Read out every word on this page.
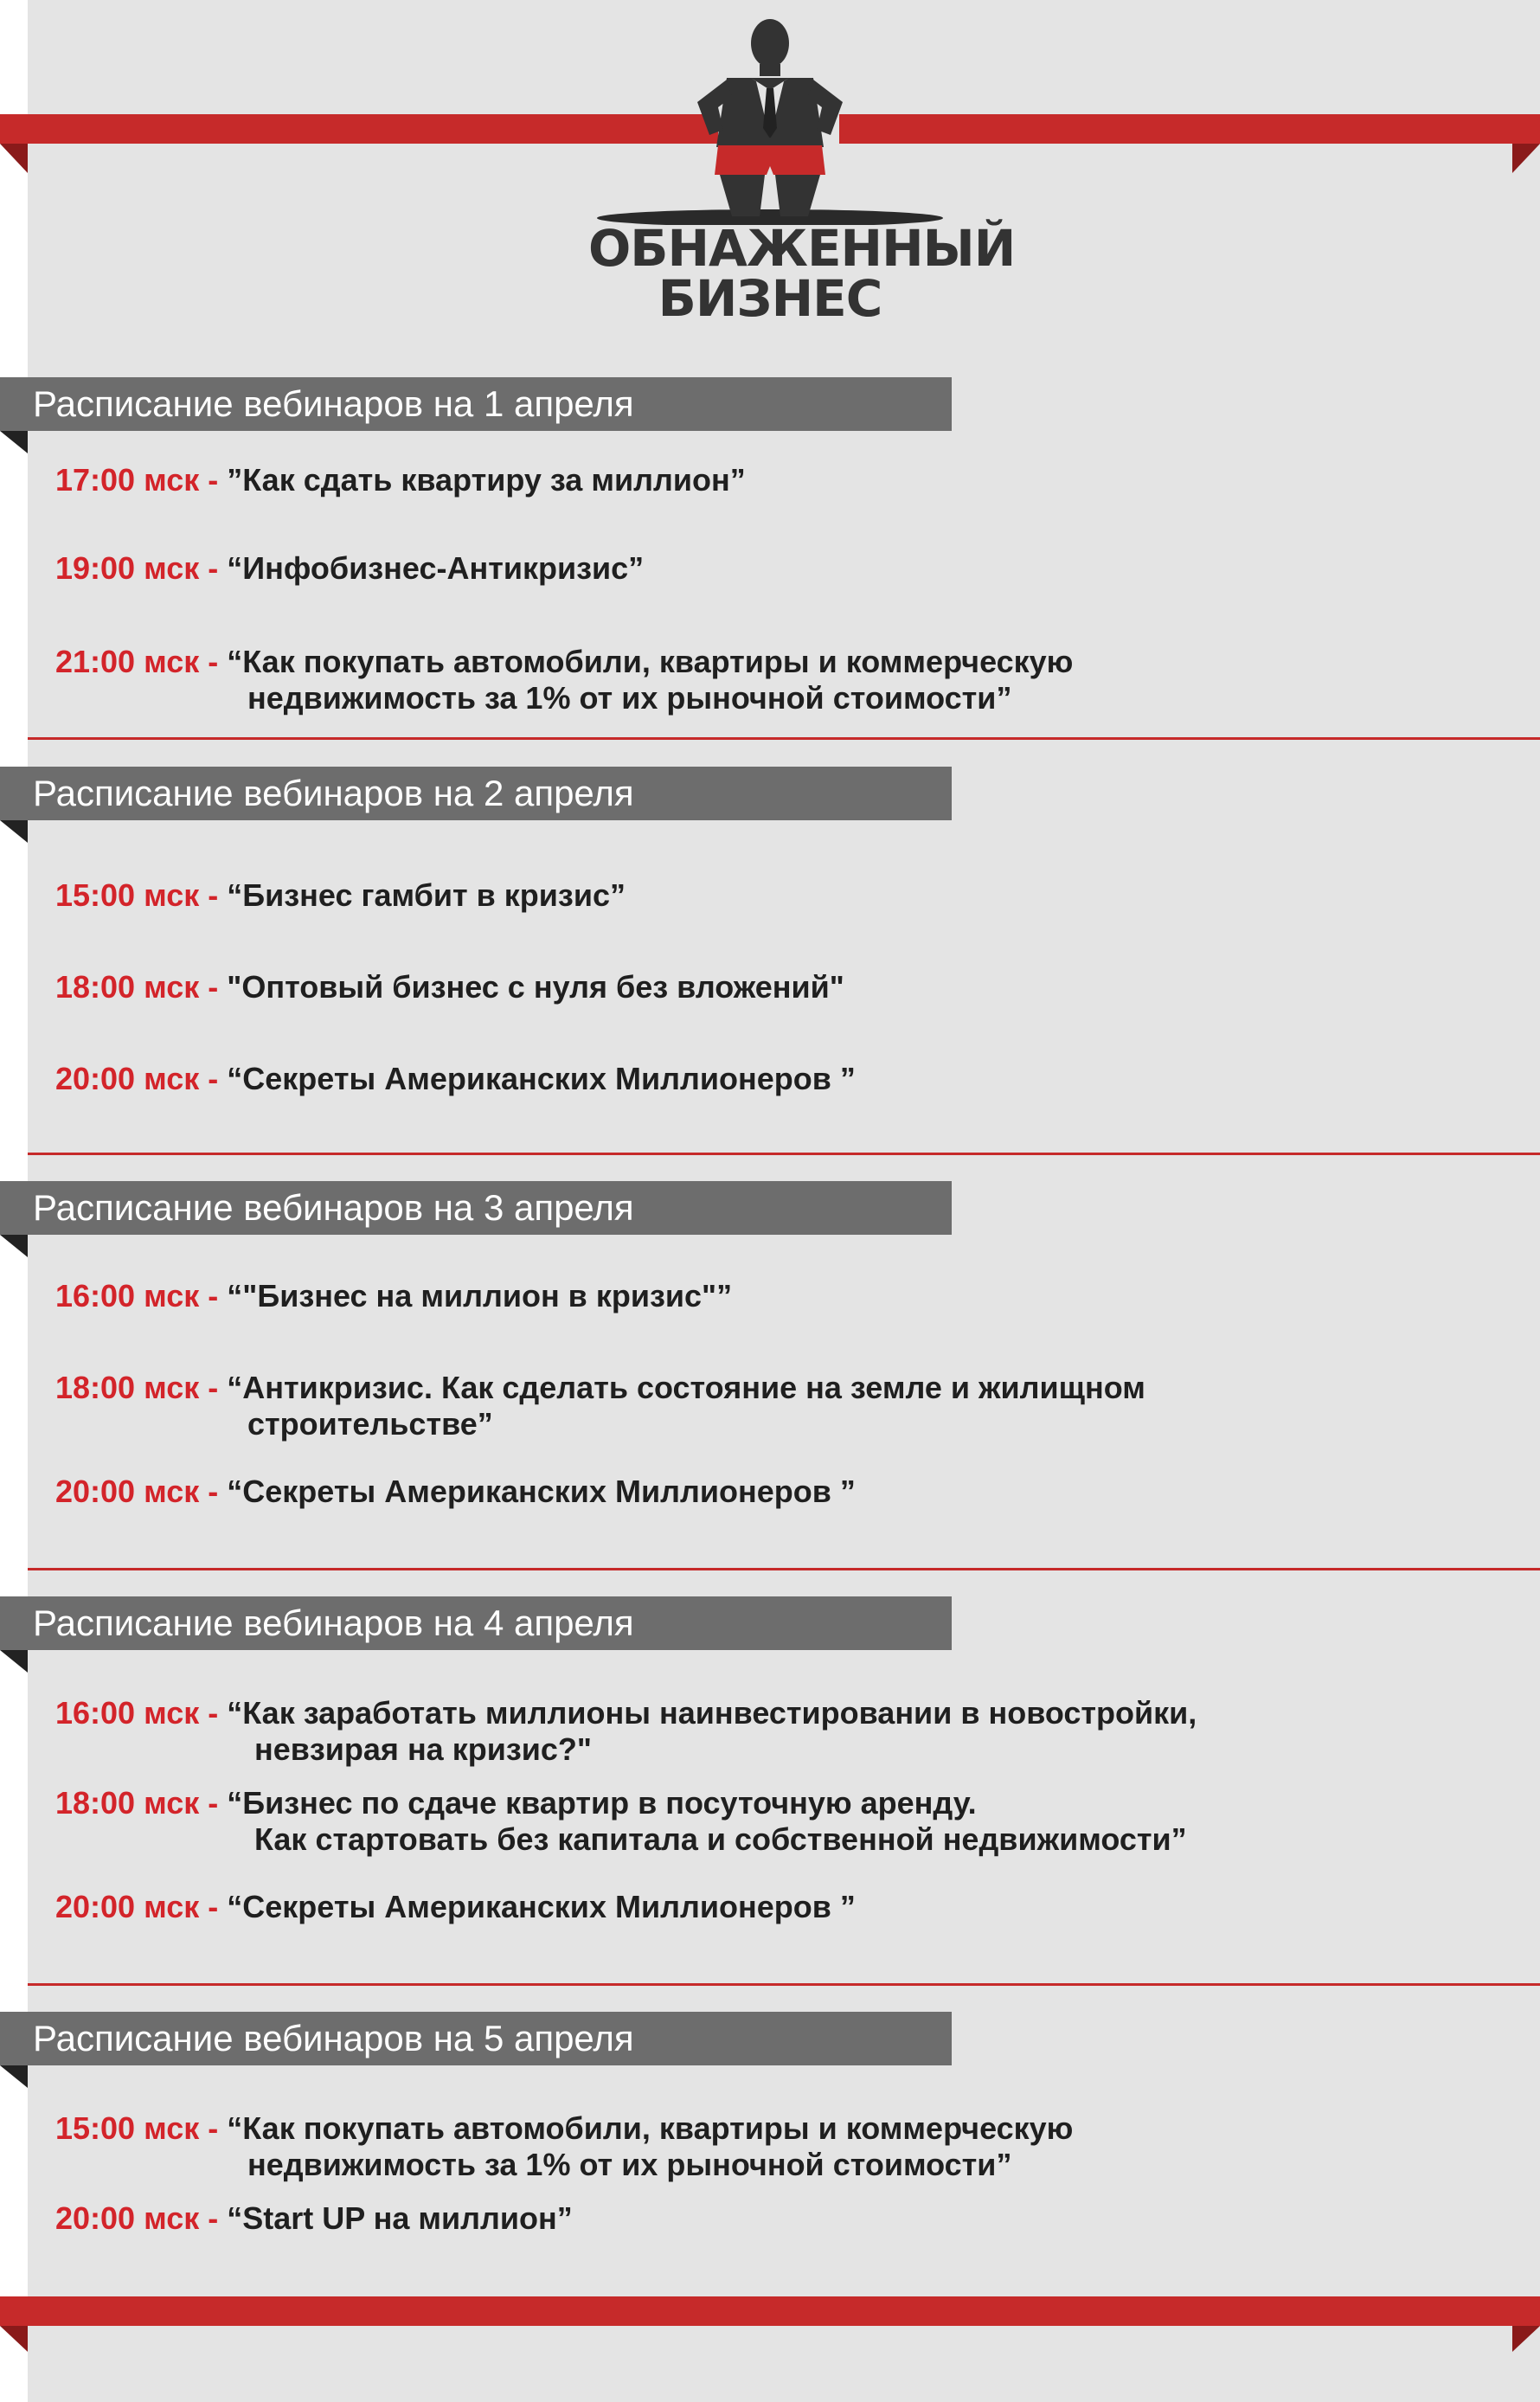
ОБНАЖЕННЫЙ
БИЗНЕС
Расписание вебинаров на 1 апреля
17:00 мск - ”Как сдать квартиру за миллион”
19:00 мск - “Инфобизнес-Антикризис”
21:00 мск - “Как покупать автомобили, квартиры и коммерческую
недвижимость за 1% от их рыночной стоимости”
Расписание вебинаров на 2 апреля
15:00 мск - “Бизнес гамбит в кризис”
18:00 мск - "Оптовый бизнес с нуля без вложений"
20:00 мск - “Секреты Американских Миллионеров ”
Расписание вебинаров на 3 апреля
16:00 мск - “"Бизнес на миллион в кризис"”
18:00 мск - “Антикризис. Как сделать состояние на земле и жилищном
строительстве”
20:00 мск - “Секреты Американских Миллионеров ”
Расписание вебинаров на 4 апреля
16:00 мск - “Как заработать миллионы наинвестировании в новостройки,
невзирая на кризис?"
18:00 мск - “Бизнес по сдаче квартир в посуточную аренду.
Как стартовать без капитала и собственной недвижимости”
20:00 мск - “Секреты Американских Миллионеров ”
Расписание вебинаров на 5 апреля
15:00 мск - “Как покупать автомобили, квартиры и коммерческую
недвижимость за 1% от их рыночной стоимости”
20:00 мск - “Start UP на миллион”
